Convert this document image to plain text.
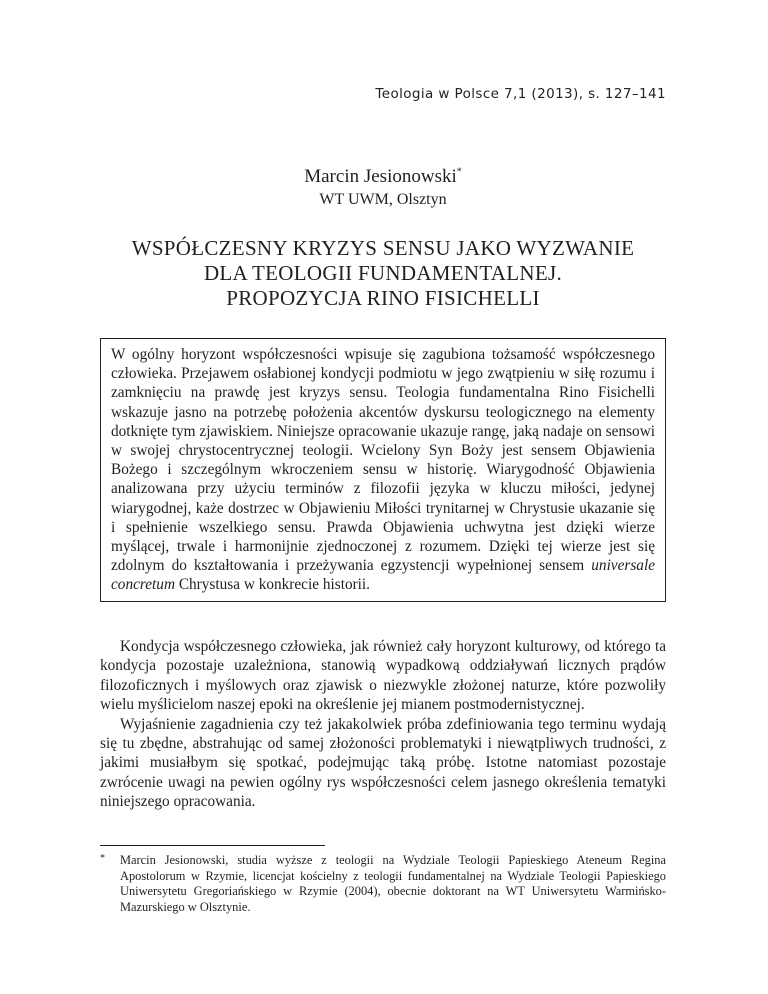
Teologia w Polsce 7,1 (2013), s. 127–141
Marcin Jesionowski*
WT UWM, Olsztyn
WSPÓŁCZESNY KRYZYS SENSU JAKO WYZWANIE
DLA TEOLOGII FUNDAMENTALNEJ.
PROPOZYCJA RINO FISICHELLI
W ogólny horyzont współczesności wpisuje się zagubiona tożsamość współczesnego człowieka. Przejawem osłabionej kondycji podmiotu w jego zwątpieniu w siłę rozumu i zamknięciu na prawdę jest kryzys sensu. Teologia fundamentalna Rino Fisichelli wskazuje jasno na potrzebę położenia akcentów dyskursu teologicznego na elementy dotknięte tym zjawiskiem. Niniejsze opracowanie ukazuje rangę, jaką nadaje on sensowi w swojej chrystocentrycznej teologii. Wcielony Syn Boży jest sensem Objawienia Bożego i szczególnym wkroczeniem sensu w historię. Wiarygodność Objawienia analizowana przy użyciu terminów z filozofii języka w kluczu miłości, jedynej wiarygodnej, każe dostrzec w Objawieniu Miłości trynitarnej w Chrystusie ukazanie się i spełnienie wszelkiego sensu. Prawda Objawienia uchwytna jest dzięki wierze myślącej, trwale i harmonijnie zjednoczonej z rozumem. Dzięki tej wierze jest się zdolnym do kształtowania i przeżywania egzystencji wypełnionej sensem universale concretum Chrystusa w konkrecie historii.

Kondycja współczesnego człowieka, jak również cały horyzont kulturowy, od którego ta kondycja pozostaje uzależniona, stanowią wypadkową oddziaływań licznych prądów filozoficznych i myślowych oraz zjawisk o niezwykle złożonej naturze, które pozwoliły wielu myślicielom naszej epoki na określenie jej mianem postmodernistycznej.

Wyjaśnienie zagadnienia czy też jakakolwiek próba zdefiniowania tego terminu wydają się tu zbędne, abstrahując od samej złożoności problematyki i niewątpliwych trudności, z jakimi musiałbym się spotkać, podejmując taką próbę. Istotne natomiast pozostaje zwrócenie uwagi na pewien ogólny rys współczesności celem jasnego określenia tematyki niniejszego opracowania.

* Marcin Jesionowski, studia wyższe z teologii na Wydziale Teologii Papieskiego Ateneum Regina Apostolorum w Rzymie, licencjat kościelny z teologii fundamentalnej na Wydziale Teologii Papieskiego Uniwersytetu Gregoriańskiego w Rzymie (2004), obecnie doktorant na WT Uniwersytetu Warmińsko-Mazurskiego w Olsztynie.
